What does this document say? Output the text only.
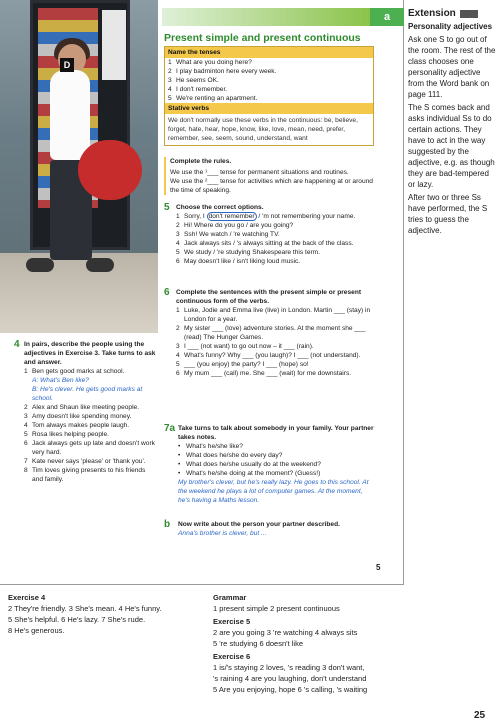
D
a
Present simple and present continuous
Name the tenses
1 What are you doing here?
2 I play badminton here every week.
3 He seems OK.
4 I don't remember.
5 We're renting an apartment.
Stative verbs
We don't normally use these verbs in the continuous: be, believe, forget, hate, hear, hope, know, like, love, mean, need, prefer, remember, see, seem, sound, understand, want
Complete the rules.
We use the ¹___ tense for permanent situations and routines.
We use the ²___ tense for activities which are happening at or around the time of speaking.
5 Choose the correct options.
1 Sorry, I don't remember / 'm not remembering your name.
2 Hi! Where do you go / are you going?
3 Ssh! We watch / 're watching TV.
4 Jack always sits / 's always sitting at the back of the class.
5 We study / 're studying Shakespeare this term.
6 May doesn't like / isn't liking loud music.
6 Complete the sentences with the present simple or present continuous form of the verbs.
1 Luke, Jodie and Emma live (live) in London. Martin ___ (stay) in London for a year.
2 My sister ___ (love) adventure stories. At the moment she ___ (read) The Hunger Games.
3 I ___ (not want) to go out now – it ___ (rain).
4 What's funny? Why ___ (you laugh)? I ___ (not understand).
5 ___ (you enjoy) the party? I ___ (hope) so!
6 My mum ___ (call) me. She ___ (wait) for me downstairs.
7a Take turns to talk about somebody in your family. Your partner takes notes.
• What's he/she like?
• What does he/she do every day?
• What does he/she usually do at the weekend?
• What's he/she doing at the moment? (Guess!)
My brother's clever, but he's really lazy. He goes to this school. At the weekend he plays a lot of computer games. At the moment, he's having a Maths lesson.
b Now write about the person your partner described.
Anna's brother is clever, but ...
4 In pairs, describe the people using the adjectives in Exercise 3. Take turns to ask and answer.
1 Ben gets good marks at school.
A: What's Ben like?
B: He's clever. He gets good marks at school.
2 Alex and Shaun like meeting people.
3 Amy doesn't like spending money.
4 Tom always makes people laugh.
5 Rosa likes helping people.
6 Jack always gets up late and doesn't work very hard.
7 Kate never says 'please' or 'thank you'.
8 Tim loves giving presents to his friends and family.
5
Extension
Personality adjectives

Ask one S to go out of the room. The rest of the class chooses one personality adjective from the Word bank on page 111.

The S comes back and asks individual Ss to do certain actions. They have to act in the way suggested by the adjective, e.g. as though they are bad-tempered or lazy.

After two or three Ss have performed, the S tries to guess the adjective.

Exercise 4
2 They're friendly. 3 She's mean. 4 He's funny.
5 She's helpful. 6 He's lazy. 7 She's rude.
8 He's generous.
Grammar
1 present simple 2 present continuous
Exercise 5
2 are you going 3 're watching 4 always sits
5 're studying 6 doesn't like
Exercise 6
1 is/'s staying 2 loves, 's reading 3 don't want,
's raining 4 are you laughing, don't understand
5 Are you enjoying, hope 6 's calling, 's waiting
25
